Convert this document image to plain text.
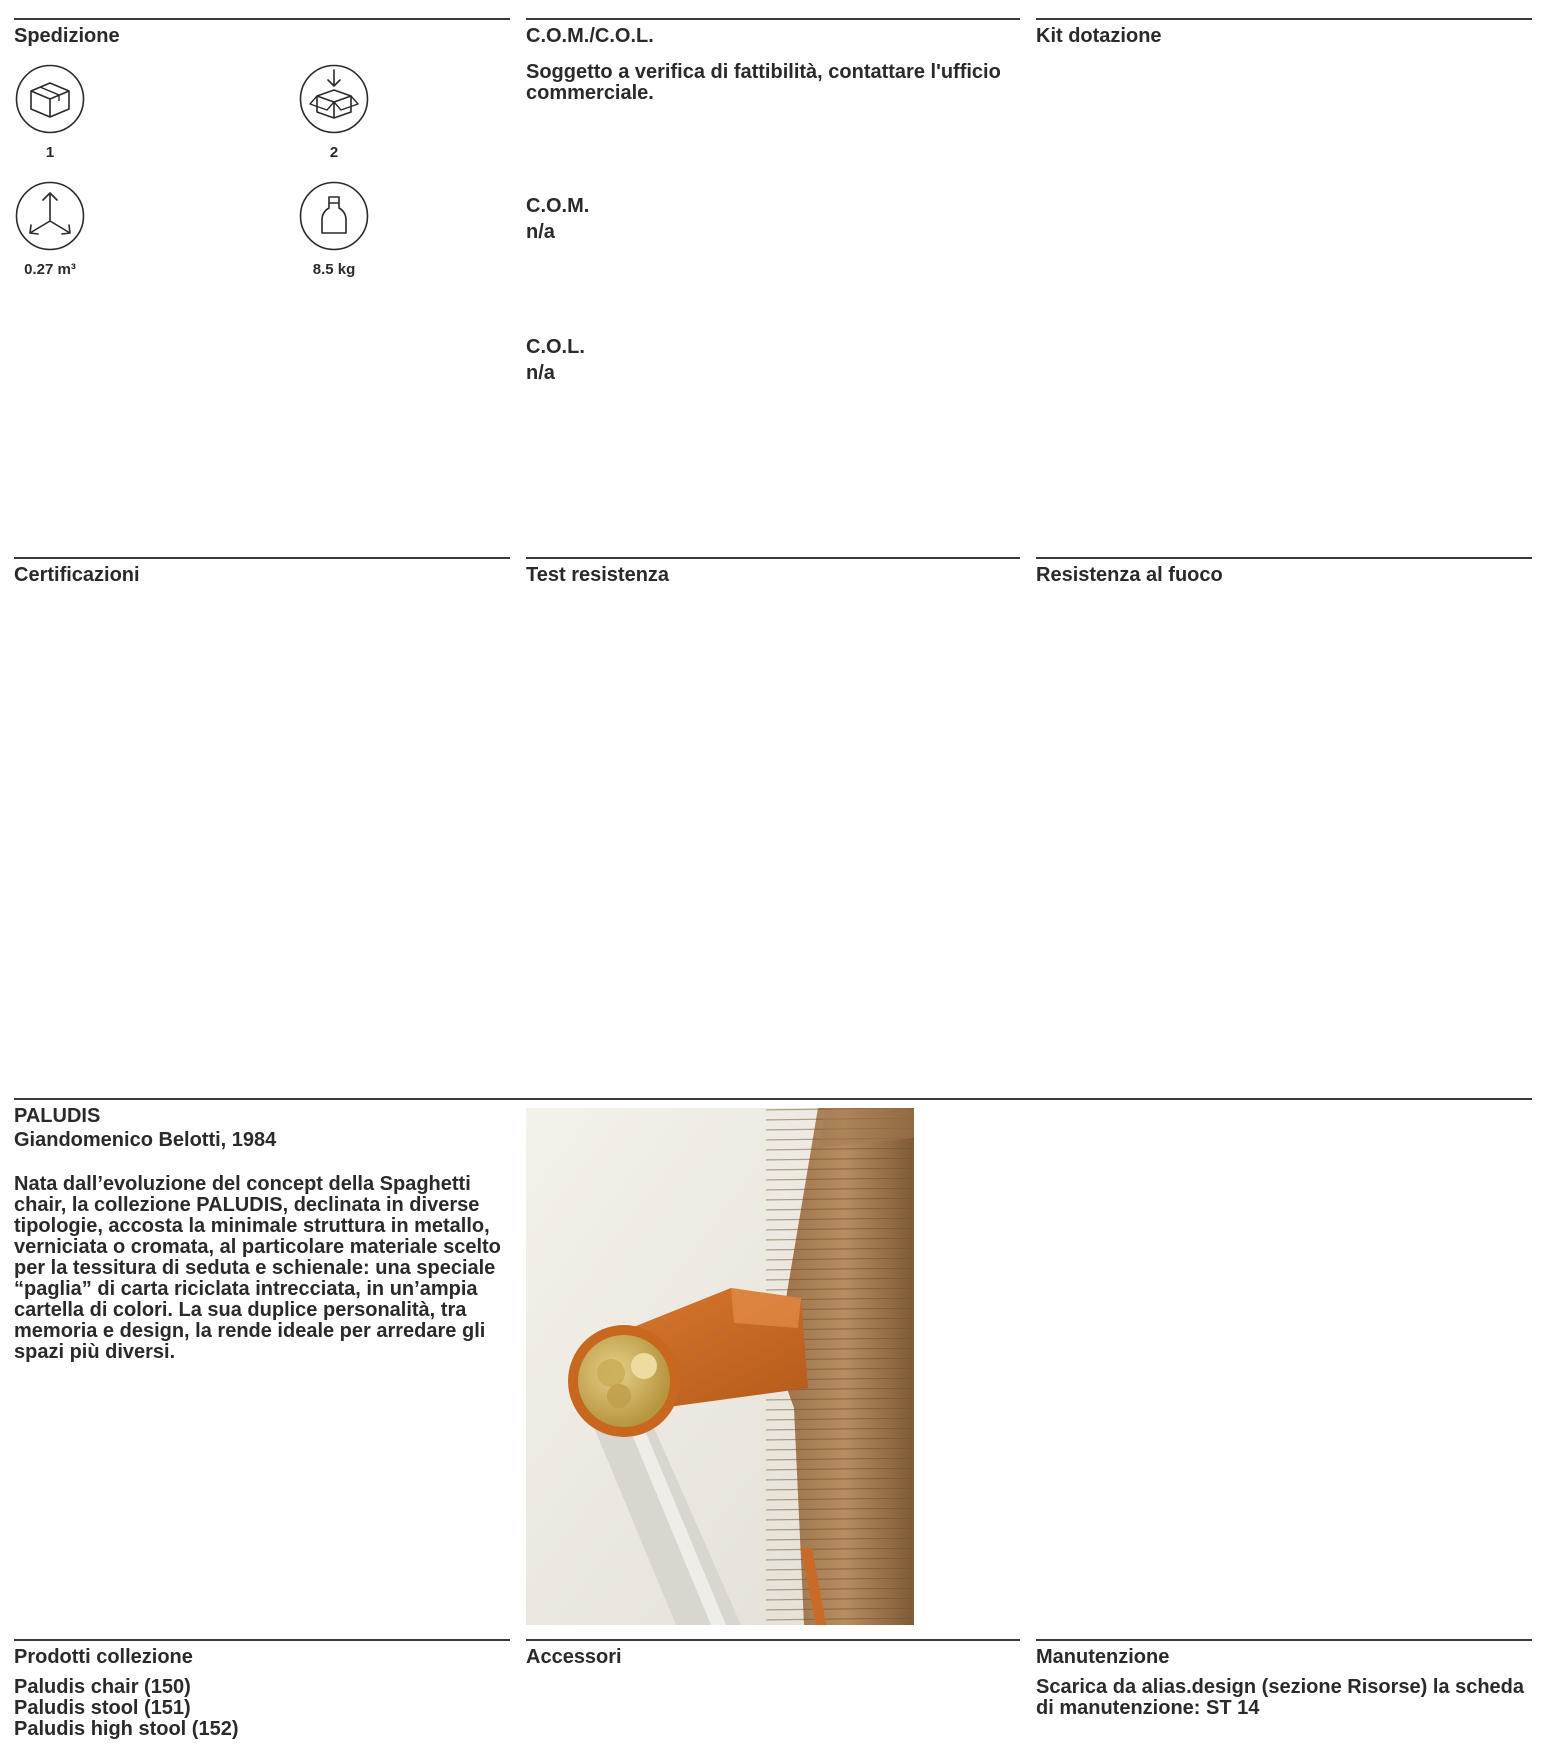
Spedizione
1	2
0.27 m³	8.5 kg
C.O.M./C.O.L.
Soggetto a verifica di fattibilità, contattare l'ufficio commerciale.
C.O.M.
n/a
C.O.L.
n/a
Kit dotazione
Certificazioni	Test resistenza	Resistenza al fuoco
PALUDIS
Giandomenico Belotti, 1984
Nata dall’evoluzione del concept della Spaghetti chair, la collezione PALUDIS, declinata in diverse tipologie, accosta la minimale struttura in metallo, verniciata o cromata, al particolare materiale scelto per la tessitura di seduta e schienale: una speciale “paglia” di carta riciclata intrecciata, in un’ampia cartella di colori. La sua duplice personalità, tra memoria e design, la rende ideale per arredare gli spazi più diversi.
Prodotti collezione
Paludis chair (150)
Paludis stool (151)
Paludis high stool (152)
Accessori	Manutenzione
Scarica da alias.design (sezione Risorse) la scheda di manutenzione: ST 14
